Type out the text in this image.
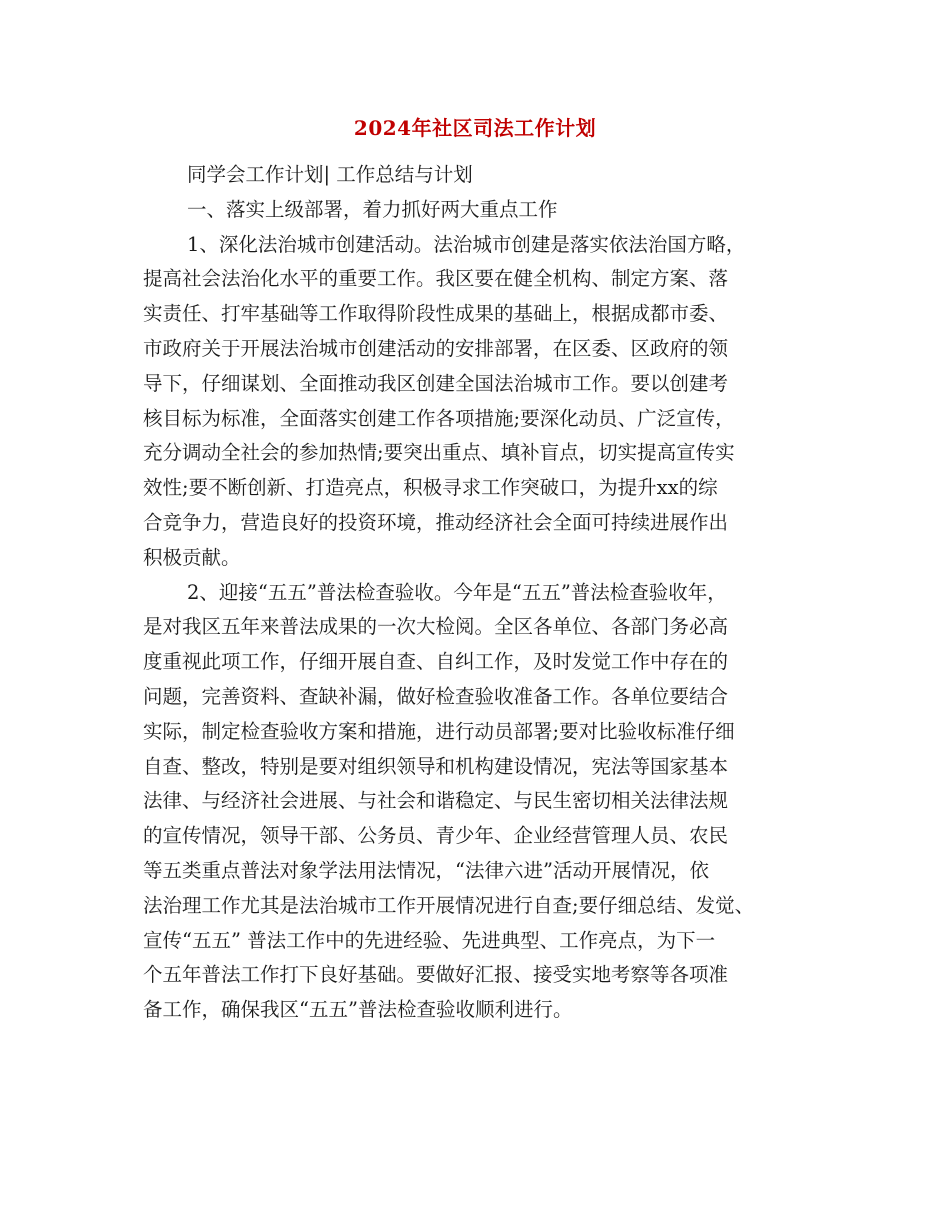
2024年社区司法工作计划
同学会工作计划| 工作总结与计划
一、落实上级部署，着力抓好两大重点工作
1、深化法治城市创建活动。法治城市创建是落实依法治国方略，
提高社会法治化水平的重要工作。我区要在健全机构、制定方案、落
实责任、打牢基础等工作取得阶段性成果的基础上，根据成都市委、
市政府关于开展法治城市创建活动的安排部署，在区委、区政府的领
导下，仔细谋划、全面推动我区创建全国法治城市工作。要以创建考
核目标为标准，全面落实创建工作各项措施;要深化动员、广泛宣传，
充分调动全社会的参加热情;要突出重点、填补盲点，切实提高宣传实
效性;要不断创新、打造亮点，积极寻求工作突破口，为提升xx的综
合竞争力，营造良好的投资环境，推动经济社会全面可持续进展作出
积极贡献。
2、迎接“五五”普法检查验收。今年是“五五”普法检查验收年，
是对我区五年来普法成果的一次大检阅。全区各单位、各部门务必高
度重视此项工作，仔细开展自查、自纠工作，及时发觉工作中存在的
问题，完善资料、查缺补漏，做好检查验收准备工作。各单位要结合
实际，制定检查验收方案和措施，进行动员部署;要对比验收标准仔细
自查、整改，特别是要对组织领导和机构建设情况，宪法等国家基本
法律、与经济社会进展、与社会和谐稳定、与民生密切相关法律法规
的宣传情况，领导干部、公务员、青少年、企业经营管理人员、农民
等五类重点普法对象学法用法情况，“法律六进”活动开展情况，依
法治理工作尤其是法治城市工作开展情况进行自查;要仔细总结、发觉、
宣传“五五” 普法工作中的先进经验、先进典型、工作亮点，为下一
个五年普法工作打下良好基础。要做好汇报、接受实地考察等各项准
备工作，确保我区“五五”普法检查验收顺利进行。
